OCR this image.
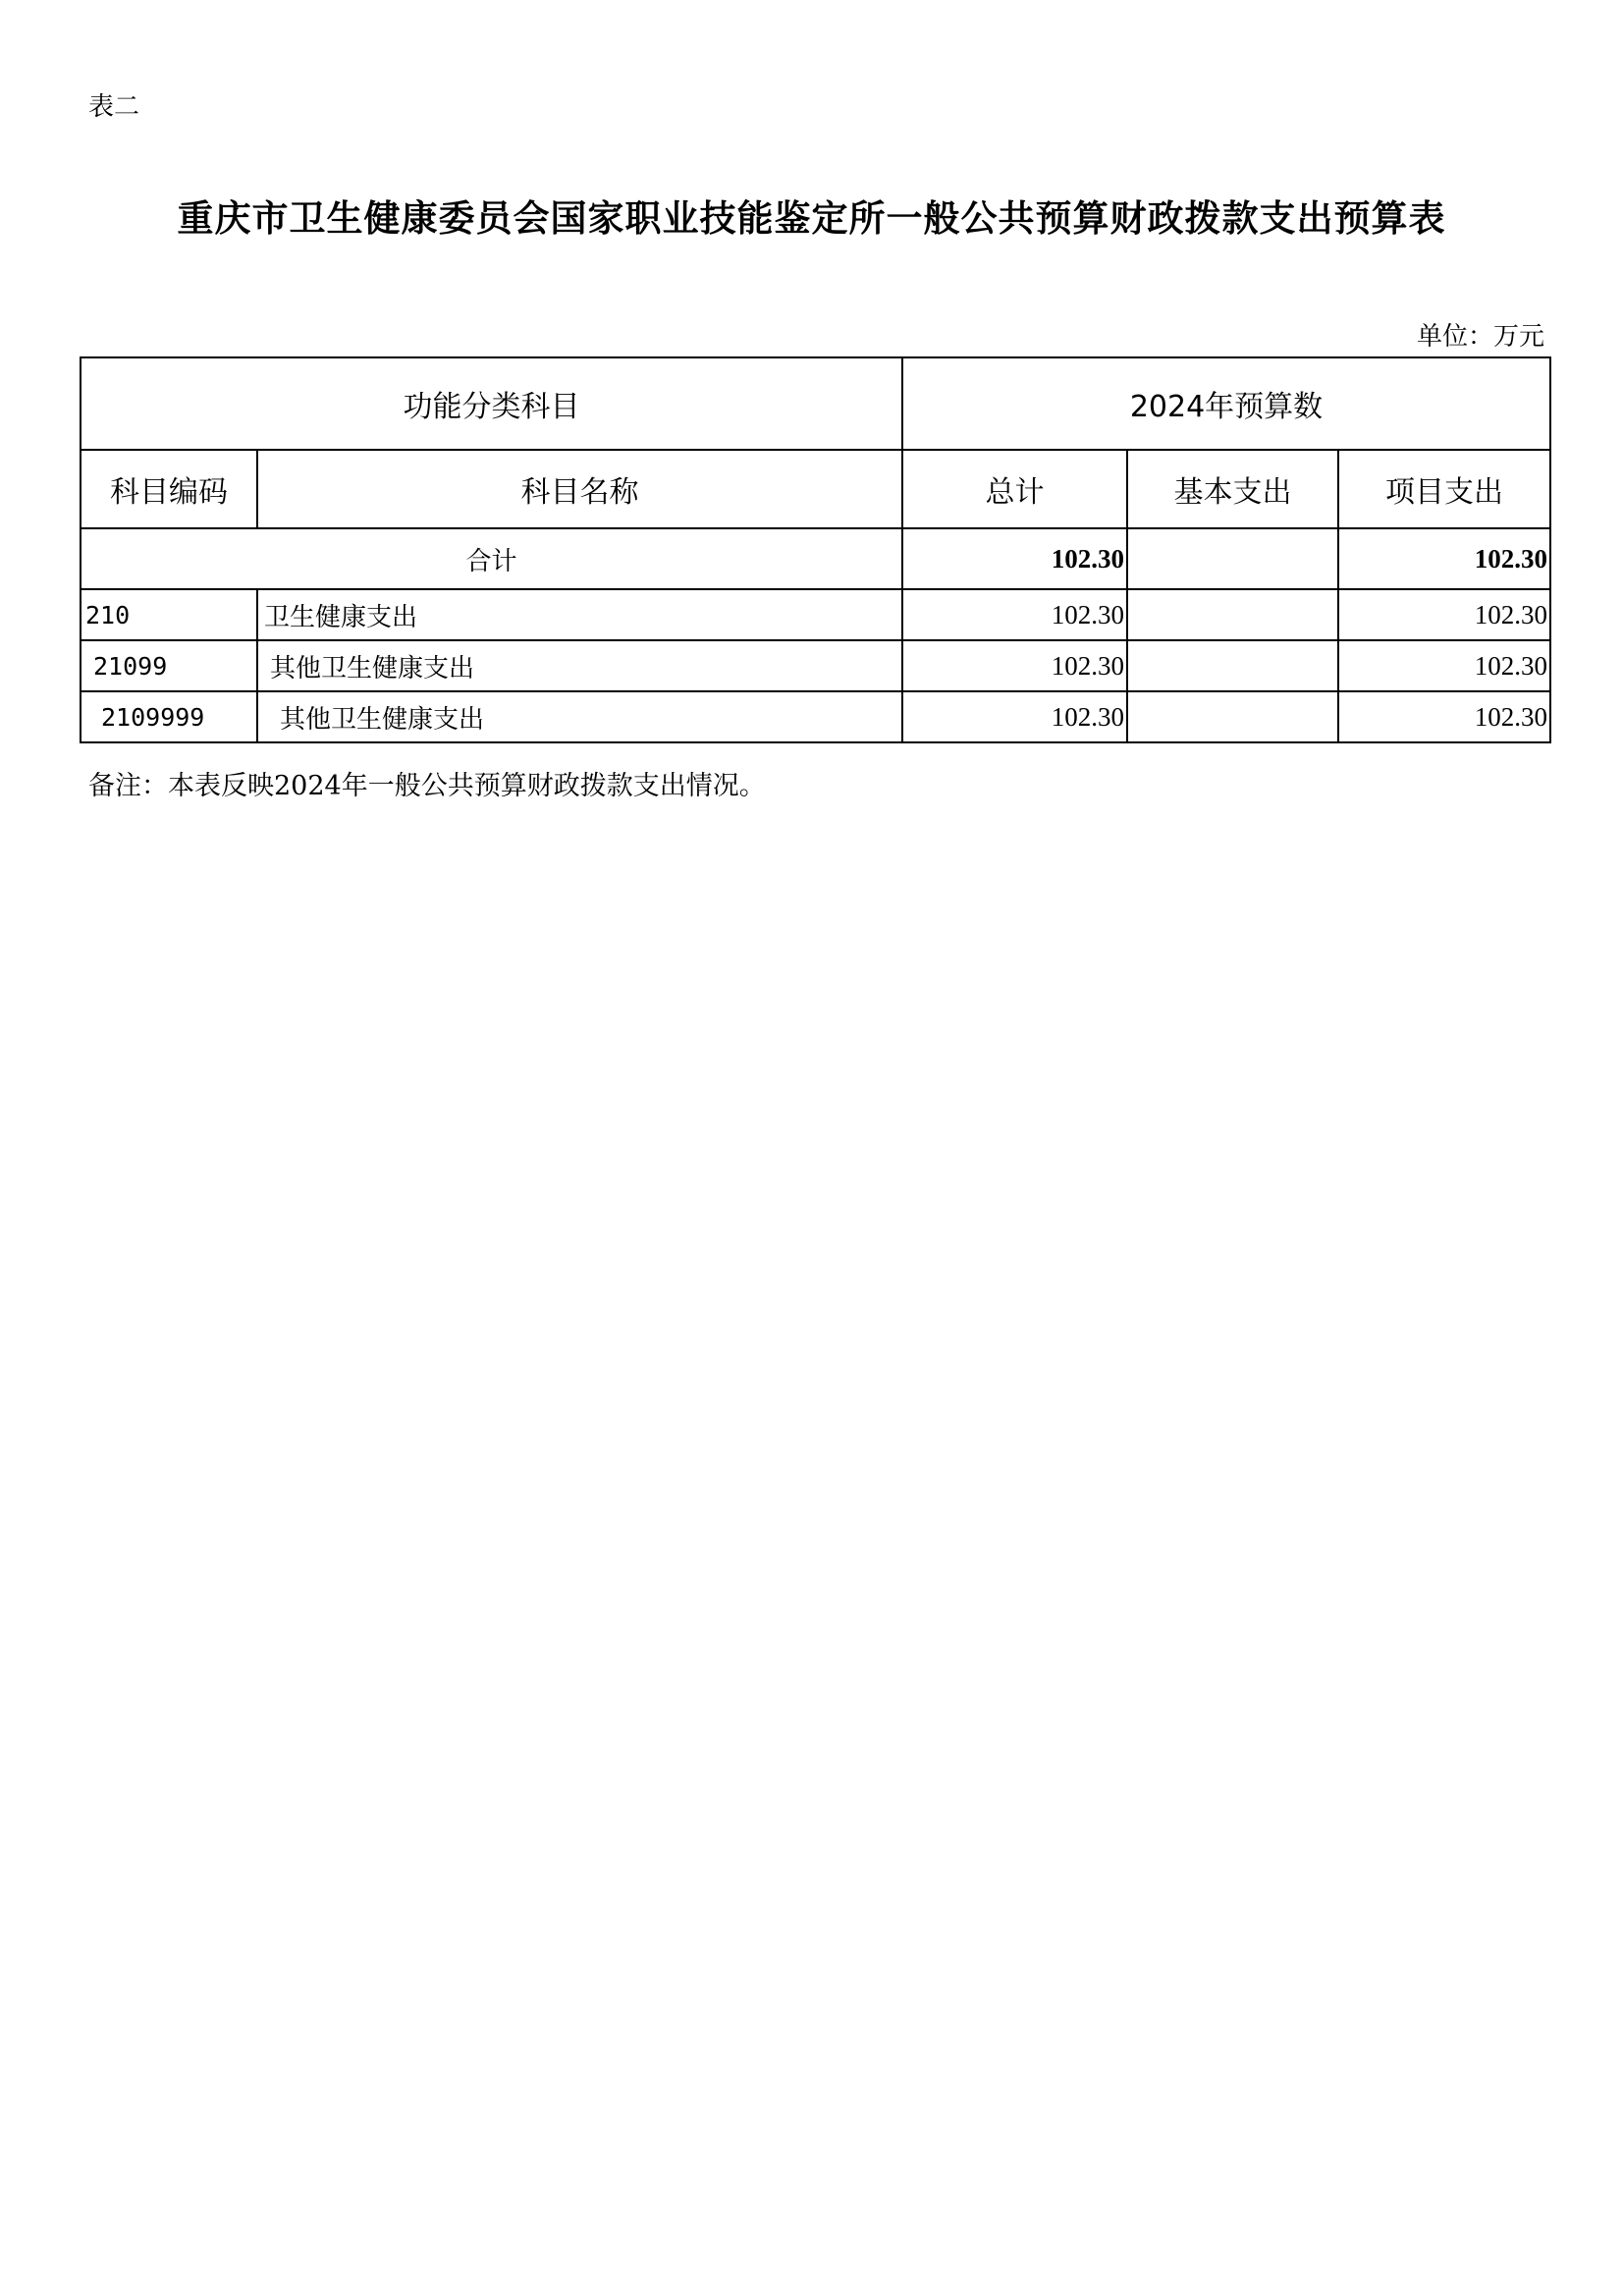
表二
重庆市卫生健康委员会国家职业技能鉴定所一般公共预算财政拨款支出预算表
单位：万元
功能分类科目		2024年预算数		
科目编码	科目名称	总计	基本支出	项目支出
合计		102.30		102.30
210	卫生健康支出	102.30		102.30
21099	其他卫生健康支出	102.30		102.30
2109999	其他卫生健康支出	102.30		102.30
备注：本表反映2024年一般公共预算财政拨款支出情况。
